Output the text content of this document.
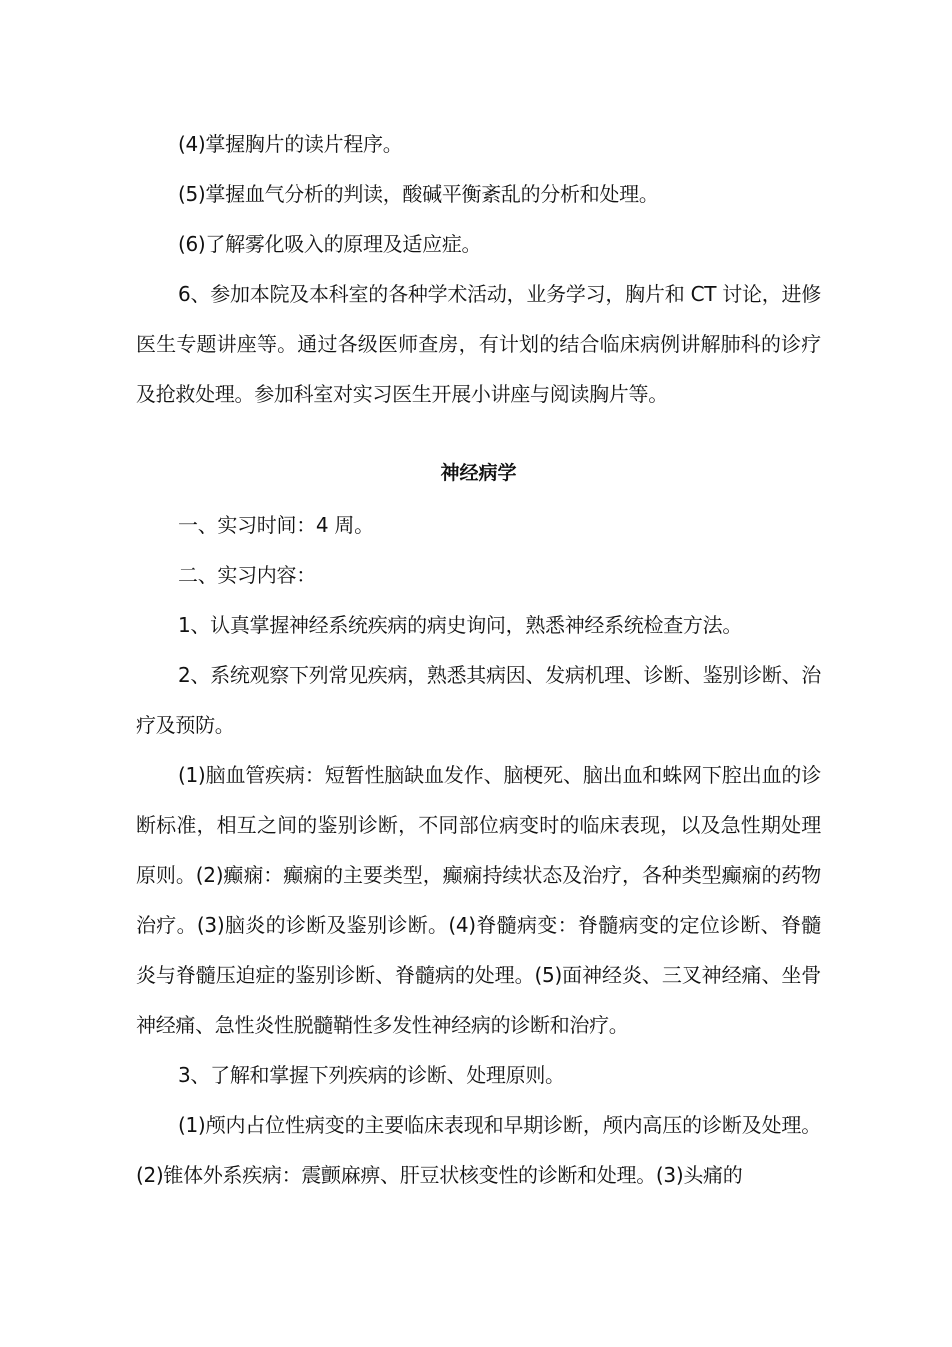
(4)掌握胸片的读片程序。

(5)掌握血气分析的判读，酸碱平衡紊乱的分析和处理。

(6)了解雾化吸入的原理及适应症。

6、参加本院及本科室的各种学术活动，业务学习，胸片和 CT 讨论，进修医生专题讲座等。通过各级医师查房，有计划的结合临床病例讲解肺科的诊疗及抢救处理。参加科室对实习医生开展小讲座与阅读胸片等。

神经病学

一、实习时间：4 周。

二、实习内容：

1、认真掌握神经系统疾病的病史询问，熟悉神经系统检查方法。

2、系统观察下列常见疾病，熟悉其病因、发病机理、诊断、鉴别诊断、治疗及预防。

(1)脑血管疾病：短暂性脑缺血发作、脑梗死、脑出血和蛛网下腔出血的诊断标准，相互之间的鉴别诊断，不同部位病变时的临床表现，以及急性期处理原则。(2)癫痫：癫痫的主要类型，癫痫持续状态及治疗，各种类型癫痫的药物治疗。(3)脑炎的诊断及鉴别诊断。(4)脊髓病变：脊髓病变的定位诊断、脊髓炎与脊髓压迫症的鉴别诊断、脊髓病的处理。(5)面神经炎、三叉神经痛、坐骨神经痛、急性炎性脱髓鞘性多发性神经病的诊断和治疗。

3、了解和掌握下列疾病的诊断、处理原则。

(1)颅内占位性病变的主要临床表现和早期诊断，颅内高压的诊断及处理。(2)锥体外系疾病：震颤麻痹、肝豆状核变性的诊断和处理。(3)头痛的
